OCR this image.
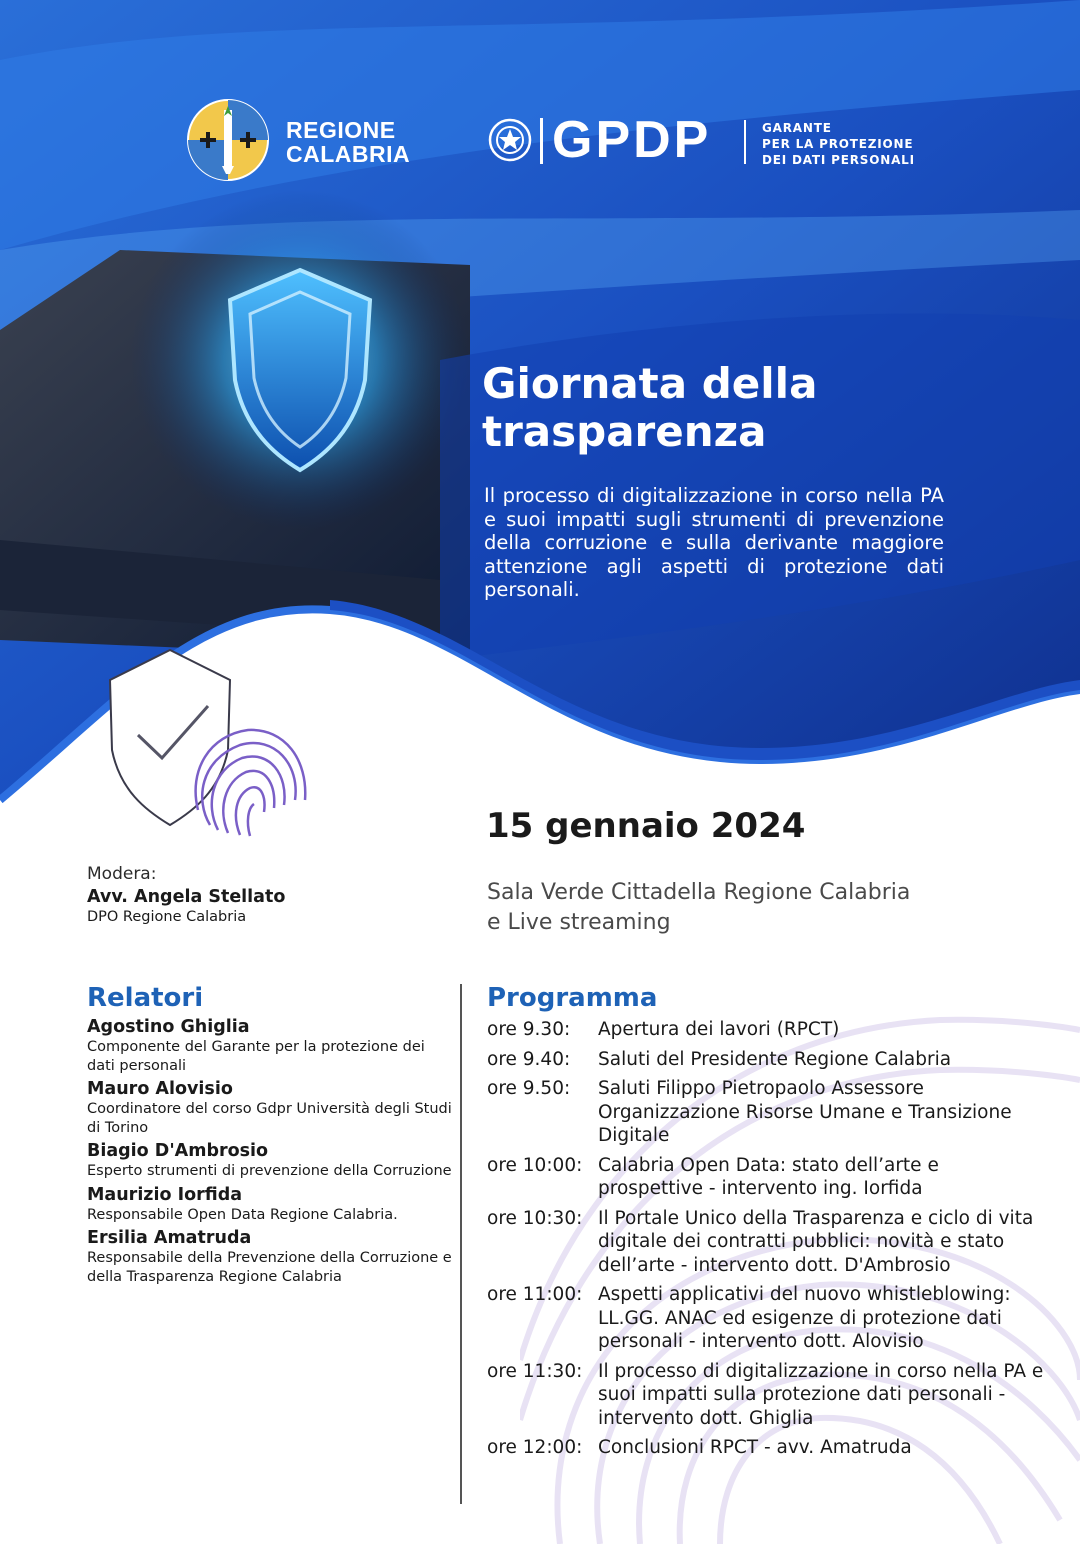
REGIONE
CALABRIA	GPDP	GARANTE
PER LA PROTEZIONE
DEI DATI PERSONALI
Giornata della
trasparenza

Il processo di digitalizzazione in corso nella PA e suoi impatti sugli strumenti di prevenzione della corruzione e sulla derivante maggiore attenzione agli aspetti di protezione dati personali.

15 gennaio 2024
Sala Verde Cittadella Regione Calabria
e Live streaming
Modera:
Avv. Angela Stellato
DPO Regione Calabria
Relatori
Agostino Ghiglia
Componente del Garante per la protezione dei dati personali
Mauro Alovisio
Coordinatore del corso Gdpr Università degli Studi di Torino
Biagio D'Ambrosio
Esperto strumenti di prevenzione della Corruzione
Maurizio Iorfida
Responsabile Open Data Regione Calabria.
Ersilia Amatruda
Responsabile della Prevenzione della Corruzione e della Trasparenza Regione Calabria
Programma
ore 9.30:	Apertura dei lavori (RPCT)
ore 9.40:	Saluti del Presidente Regione Calabria
ore 9.50:	Saluti Filippo Pietropaolo Assessore Organizzazione Risorse Umane e Transizione Digitale
ore 10:00: Calabria Open Data: stato dell’arte e prospettive - intervento ing. Iorfida
ore 10:30: Il Portale Unico della Trasparenza e ciclo di vita digitale dei contratti pubblici: novità e stato dell’arte - intervento dott. D'Ambrosio
ore 11:00: Aspetti applicativi del nuovo whistleblowing: LL.GG. ANAC ed esigenze di protezione dati personali - intervento dott. Alovisio
ore 11:30: Il processo di digitalizzazione in corso nella PA e suoi impatti sulla protezione dati personali - intervento dott. Ghiglia
ore 12:00: Conclusioni RPCT - avv. Amatruda
